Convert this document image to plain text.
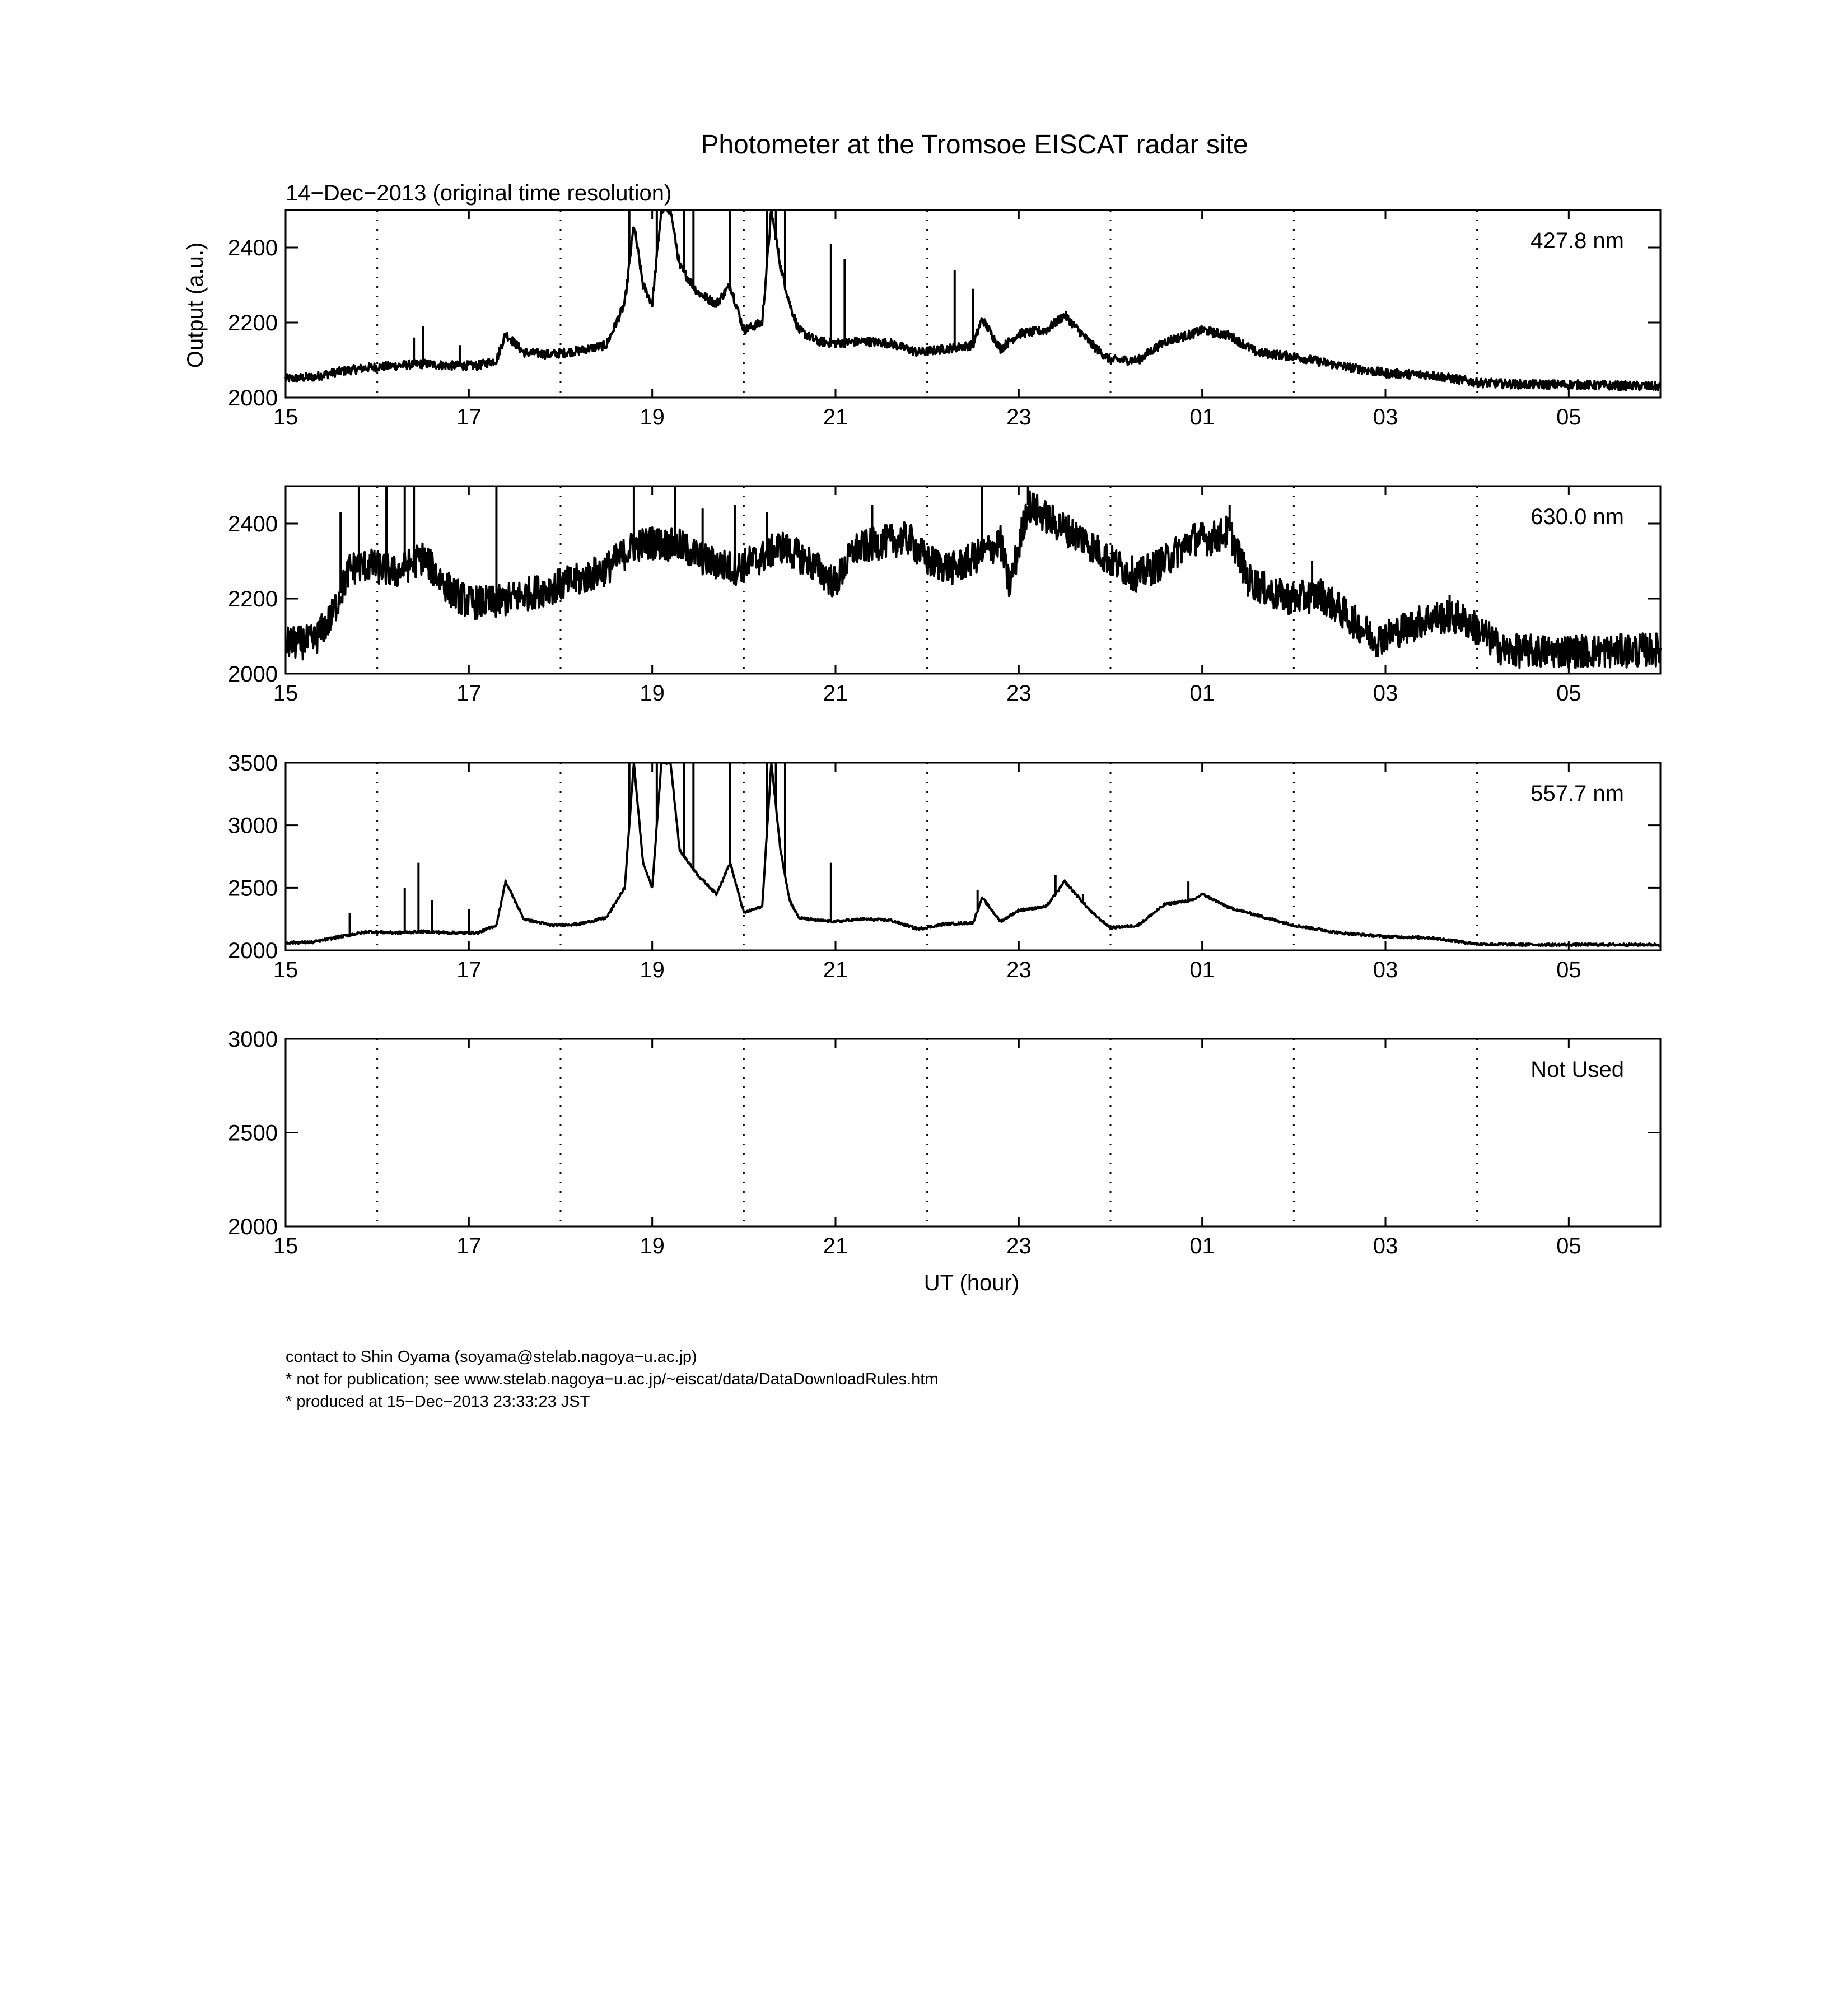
Photometer at the Tromsoe EISCAT radar site
14−Dec−2013 (original time resolution)
Output (a.u.)
UT (hour)
15	17	19	21	23	01	03	05
2000
2200
2400	427.8 nm
15	17	19	21	23	01	03	05
2000
2200
2400	630.0 nm
15	17	19	21	23	01	03	05
2000
2500
3000
3500
557.7 nm
15	17	19	21	23	01	03	05
2000
2500
3000
Not Used
contact to Shin Oyama (soyama@stelab.nagoya−u.ac.jp)
* not for publication; see www.stelab.nagoya−u.ac.jp/~eiscat/data/DataDownloadRules.htm
* produced at 15−Dec−2013 23:33:23 JST
